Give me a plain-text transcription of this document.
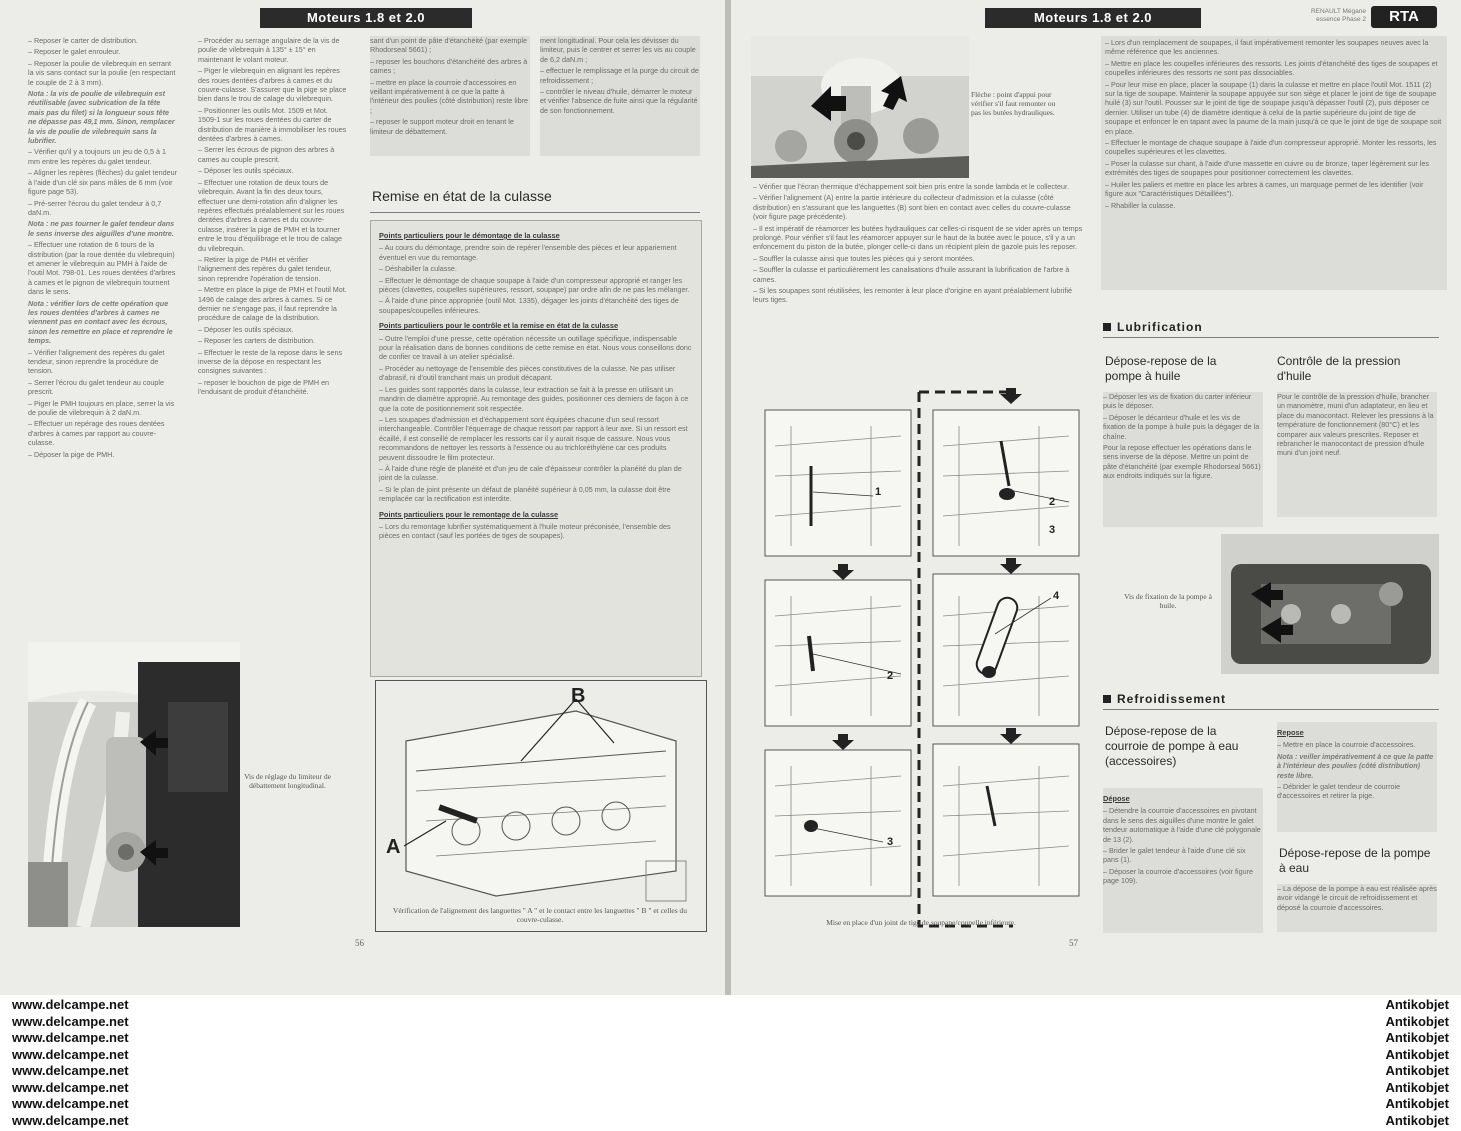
Moteurs 1.8 et 2.0

– Reposer le carter de distribution.

– Reposer le galet enrouleur.

– Reposer la poulie de vilebrequin en serrant la vis sans contact sur la poulie (en respectant le couple de 2 à 3 mm).

Nota : la vis de poulie de vilebrequin est réutilisable (avec subrication de la tête mais pas du filet) si la longueur sous tête ne dépasse pas 49,1 mm. Sinon, remplacer la vis de poulie de vilebrequin sans la lubrifier.

– Vérifier qu'il y a toujours un jeu de 0,5 à 1 mm entre les repères du galet tendeur.

– Aligner les repères (flèches) du galet tendeur à l'aide d'un clé six pans mâles de 6 mm (voir figure page 53).

– Pré-serrer l'écrou du galet tendeur à 0,7 daN.m.

Nota : ne pas tourner le galet tendeur dans le sens inverse des aiguilles d'une montre.

– Effectuer une rotation de 6 tours de la distribution (par la roue dentée du vilebrequin) et amener le vilebrequin au PMH à l'aide de l'outil Mot. 798-01. Les roues dentées d'arbres à cames et le pignon de vilebrequin tournent dans le sens.

Nota : vérifier lors de cette opération que les roues dentées d'arbres à cames ne viennent pas en contact avec les écrous, sinon les remettre en place et reprendre le temps.

– Vérifier l'alignement des repères du galet tendeur, sinon reprendre la procédure de tension.

– Serrer l'écrou du galet tendeur au couple prescrit.

– Piger le PMH toujours en place, serrer la vis de poulie de vilebrequin à 2 daN.m.

– Effectuer un repérage des roues dentées d'arbres à cames par rapport au couvre-culasse.

– Déposer la pige de PMH.

– Procéder au serrage angulaire de la vis de poulie de vilebrequin à 135° ± 15° en maintenant le volant moteur.

– Piger le vilebrequin en alignant les repères des roues dentées d'arbres à cames et du couvre-culasse. S'assurer que la pige se place bien dans le trou de calage du vilebrequin.

– Positionner les outils Mot. 1509 et Mot. 1509-1 sur les roues dentées du carter de distribution de manière à immobiliser les roues dentées d'arbres à cames.

– Serrer les écrous de pignon des arbres à cames au couple prescrit.

– Déposer les outils spéciaux.

– Effectuer une rotation de deux tours de vilebrequin. Avant la fin des deux tours, effectuer une demi-rotation afin d'aligner les repères effectués préalablement sur les roues dentées d'arbres à cames et du couvre-culasse, insérer la pige de PMH et la tourner entre le trou d'équilibrage et le trou de calage du vilebrequin.

– Retirer la pige de PMH et vérifier l'alignement des repères du galet tendeur, sinon reprendre l'opération de tension.

– Mettre en place la pige de PMH et l'outil Mot. 1496 de calage des arbres à cames. Si ce dernier ne s'engage pas, il faut reprendre la procédure de calage de la distribution.

– Déposer les outils spéciaux.

– Reposer les carters de distribution.

– Effectuer le reste de la repose dans le sens inverse de la dépose en respectant les consignes suivantes :

– reposer le bouchon de pige de PMH en l'enduisant de produit d'étanchéité.

sant d'un point de pâte d'étanchéité (par exemple Rhodorseal 5661) ;

– reposer les bouchons d'étanchéité des arbres à cames ;

– mettre en place la courroie d'accessoires en veillant impérativement à ce que la patte à l'intérieur des poulies (côté distribution) reste libre ;

– reposer le support moteur droit en tenant le limiteur de débattement.

ment longitudinal. Pour cela les dévisser du limiteur, puis le centrer et serrer les vis au couple de 6,2 daN.m ;

– effectuer le remplissage et la purge du circuit de refroidissement ;

– contrôler le niveau d'huile, démarrer le moteur et vérifier l'absence de fuite ainsi que la régularité de son fonctionnement.

Remise en état de la culasse
Points particuliers pour le démontage de la culasse

– Au cours du démontage, prendre soin de repérer l'ensemble des pièces et leur appariement éventuel en vue du remontage.

– Déshabiller la culasse.

– Effectuer le démontage de chaque soupape à l'aide d'un compresseur approprié et ranger les pièces (clavettes, coupelles supérieures, ressort, soupape) par ordre afin de ne pas les mélanger.

– À l'aide d'une pince appropriée (outil Mot. 1335), dégager les joints d'étanchéité des tiges de soupapes/coupelles inférieures.

Points particuliers pour le contrôle et la remise en état de la culasse

– Outre l'emploi d'une presse, cette opération nécessite un outillage spécifique, indispensable pour la réalisation dans de bonnes conditions de cette remise en état. Nous vous conseillons donc de confier ce travail à un atelier spécialisé.

– Procéder au nettoyage de l'ensemble des pièces constitutives de la culasse. Ne pas utiliser d'abrasif, ni d'outil tranchant mais un produit décapant.

– Les guides sont rapportés dans la culasse, leur extraction se fait à la presse en utilisant un mandrin de diamètre approprié. Au remontage des guides, positionner ces derniers de façon à ce que la cote de positionnement soit respectée.

– Les soupapes d'admission et d'échappement sont équipées chacune d'un seul ressort interchangeable. Contrôler l'équerrage de chaque ressort par rapport à leur axe. Si un ressort est écaillé, il est conseillé de remplacer les ressorts car il y aurait risque de cassure. Nous vous recommandons de nettoyer les ressorts à l'essence ou au trichloréthylène car ces produits peuvent dissoudre le film protecteur.

– À l'aide d'une règle de planéité et d'un jeu de cale d'épaisseur contrôler la planéité du plan de joint de la culasse.

– Si le plan de joint présente un défaut de planéité supérieur à 0,05 mm, la culasse doit être remplacée car la rectification est interdite.

Points particuliers pour le remontage de la culasse

– Lors du remontage lubrifier systématiquement à l'huile moteur préconisée, l'ensemble des pièces en contact (sauf les portées de tiges de soupapes).

Vis de réglage du limiteur de débattement longitudinal.
B
A
Vérification de l'alignement des languettes " A " et le contact entre les languettes " B " et celles du couvre-culasse.
56
Moteurs 1.8 et 2.0	RENAULT Mégane
essence Phase 2	RTA
Flèche : point d'appui pour vérifier s'il faut remonter ou pas les butées hydrauliques.

– Vérifier que l'écran thermique d'échappement soit bien pris entre la sonde lambda et le collecteur.

– Vérifier l'alignement (A) entre la partie intérieure du collecteur d'admission et la culasse (côté distribution) en s'assurant que les languettes (B) sont bien en contact avec celles du couvre-culasse (voir figure page précédente).

– Il est impératif de réamorcer les butées hydrauliques car celles-ci risquent de se vider après un temps prolongé. Pour vérifier s'il faut les réamorcer appuyer sur le haut de la butée avec le pouce, s'il y a un enfoncement du piston de la butée, plonger celle-ci dans un récipient plein de gazole puis les reposer.

– Souffler la culasse ainsi que toutes les pièces qui y seront montées.

– Souffler la culasse et particulièrement les canalisations d'huile assurant la lubrification de l'arbre à cames.

– Si les soupapes sont réutilisées, les remonter à leur place d'origine en ayant préalablement lubrifié leurs tiges.

– Lors d'un remplacement de soupapes, il faut impérativement remonter les soupapes neuves avec la même référence que les anciennes.

– Mettre en place les coupelles inférieures des ressorts. Les joints d'étanchéité des tiges de soupapes et coupelles inférieures des ressorts ne sont pas dissociables.

– Pour leur mise en place, placer la soupape (1) dans la culasse et mettre en place l'outil Mot. 1511 (2) sur la tige de soupape. Maintenir la soupape appuyée sur son siège et placer le joint de tige de soupape huilé (3) sur l'outil. Pousser sur le joint de tige de soupape jusqu'à dépasser l'outil (2), puis déposer ce dernier. Utiliser un tube (4) de diamètre identique à celui de la partie supérieure du joint de tige de soupape et enfoncer le en tapant avec la paume de la main jusqu'à ce que le joint de tige de soupape soit en place.

– Effectuer le montage de chaque soupape à l'aide d'un compresseur approprié. Monter les ressorts, les coupelles supérieures et les clavettes.

– Poser la culasse sur chant, à l'aide d'une massette en cuivre ou de bronze, taper légèrement sur les extrémités des tiges de soupapes pour positionner correctement les clavettes.

– Huiler les paliers et mettre en place les arbres à cames, un marquage permet de les identifier (voir figure aux "Caractéristiques Détaillées").

– Rhabiller la culasse.

Lubrification
Dépose-repose de la pompe à huile
Contrôle de la pression d'huile

– Déposer les vis de fixation du carter inférieur puis le déposer.

– Déposer le décanteur d'huile et les vis de fixation de la pompe à huile puis la dégager de la chaîne.

Pour la repose effectuer les opérations dans le sens inverse de la dépose. Mettre un point de pâte d'étanchéité (par exemple Rhodorseal 5661) aux endroits indiqués sur la figure.

Pour le contrôle de la pression d'huile, brancher un manomètre, muni d'un adaptateur, en lieu et place du manocontact. Relever les pressions à la température de fonctionnement (80°C) et les comparer aux valeurs prescrites. Reposer et rebrancher le manocontact de pression d'huile muni d'un joint neuf.

Vis de fixation de la pompe à huile.
Refroidissement
Dépose-repose de la courroie de pompe à eau (accessoires)
Dépose

– Détendre la courroie d'accessoires en pivotant dans le sens des aiguilles d'une montre le galet tendeur automatique à l'aide d'une clé polygonale de 13 (2).

– Brider le galet tendeur à l'aide d'une clé six pans (1).

– Déposer la courroie d'accessoires (voir figure page 109).

Repose

– Mettre en place la courroie d'accessoires.

Nota : veiller impérativement à ce que la patte à l'intérieur des poulies (côté distribution) reste libre.

– Débrider le galet tendeur de courroie d'accessoires et retirer la pige.

Dépose-repose de la pompe à eau

– La dépose de la pompe à eau est réalisée après avoir vidangé le circuit de refroidissement et déposé la courroie d'accessoires.

1
2
3
2
4
3
Mise en place d'un joint de tige de soupape/coupelle inférieure.
57
www.delcampe.net
www.delcampe.net
www.delcampe.net
www.delcampe.net
www.delcampe.net
www.delcampe.net
www.delcampe.net
www.delcampe.net
Antikobjet
Antikobjet
Antikobjet
Antikobjet
Antikobjet
Antikobjet
Antikobjet
Antikobjet
